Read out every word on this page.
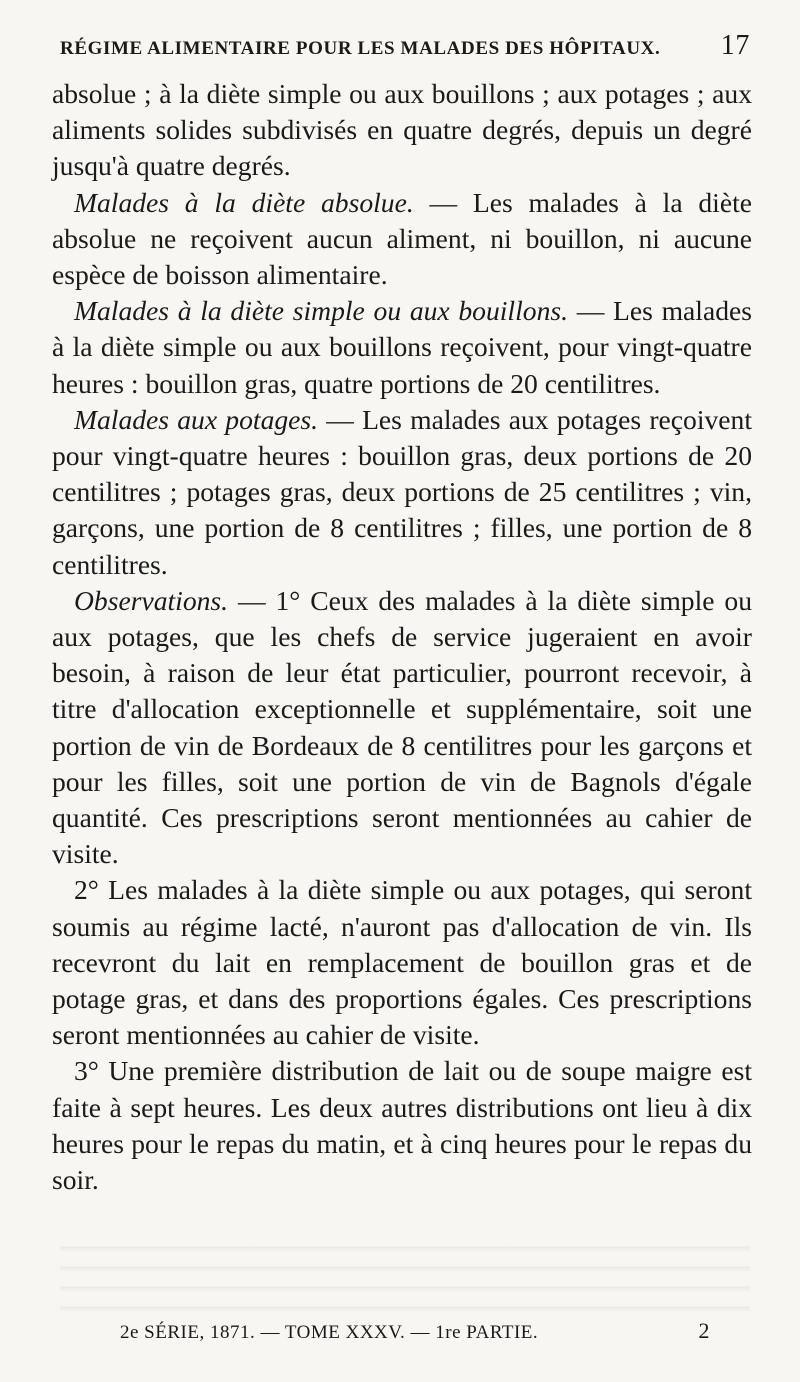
RÉGIME ALIMENTAIRE POUR LES MALADES DES HÔPITAUX. 17

absolue ; à la diète simple ou aux bouillons ; aux potages ; aux aliments solides subdivisés en quatre degrés, depuis un degré jusqu'à quatre degrés.

Malades à la diète absolue. — Les malades à la diète absolue ne reçoivent aucun aliment, ni bouillon, ni aucune espèce de boisson alimentaire.

Malades à la diète simple ou aux bouillons. — Les malades à la diète simple ou aux bouillons reçoivent, pour vingt-quatre heures : bouillon gras, quatre portions de 20 centilitres.

Malades aux potages. — Les malades aux potages reçoivent pour vingt-quatre heures : bouillon gras, deux portions de 20 centilitres ; potages gras, deux portions de 25 centilitres ; vin, garçons, une portion de 8 centilitres ; filles, une portion de 8 centilitres.

Observations. — 1° Ceux des malades à la diète simple ou aux potages, que les chefs de service jugeraient en avoir besoin, à raison de leur état particulier, pourront recevoir, à titre d'allocation exceptionnelle et supplémentaire, soit une portion de vin de Bordeaux de 8 centilitres pour les garçons et pour les filles, soit une portion de vin de Bagnols d'égale quantité. Ces prescriptions seront mentionnées au cahier de visite.

2° Les malades à la diète simple ou aux potages, qui seront soumis au régime lacté, n'auront pas d'allocation de vin. Ils recevront du lait en remplacement de bouillon gras et de potage gras, et dans des proportions égales. Ces prescriptions seront mentionnées au cahier de visite.

3° Une première distribution de lait ou de soupe maigre est faite à sept heures. Les deux autres distributions ont lieu à dix heures pour le repas du matin, et à cinq heures pour le repas du soir.

2e SÉRIE, 1871. — TOME XXXV. — 1re PARTIE.	2
